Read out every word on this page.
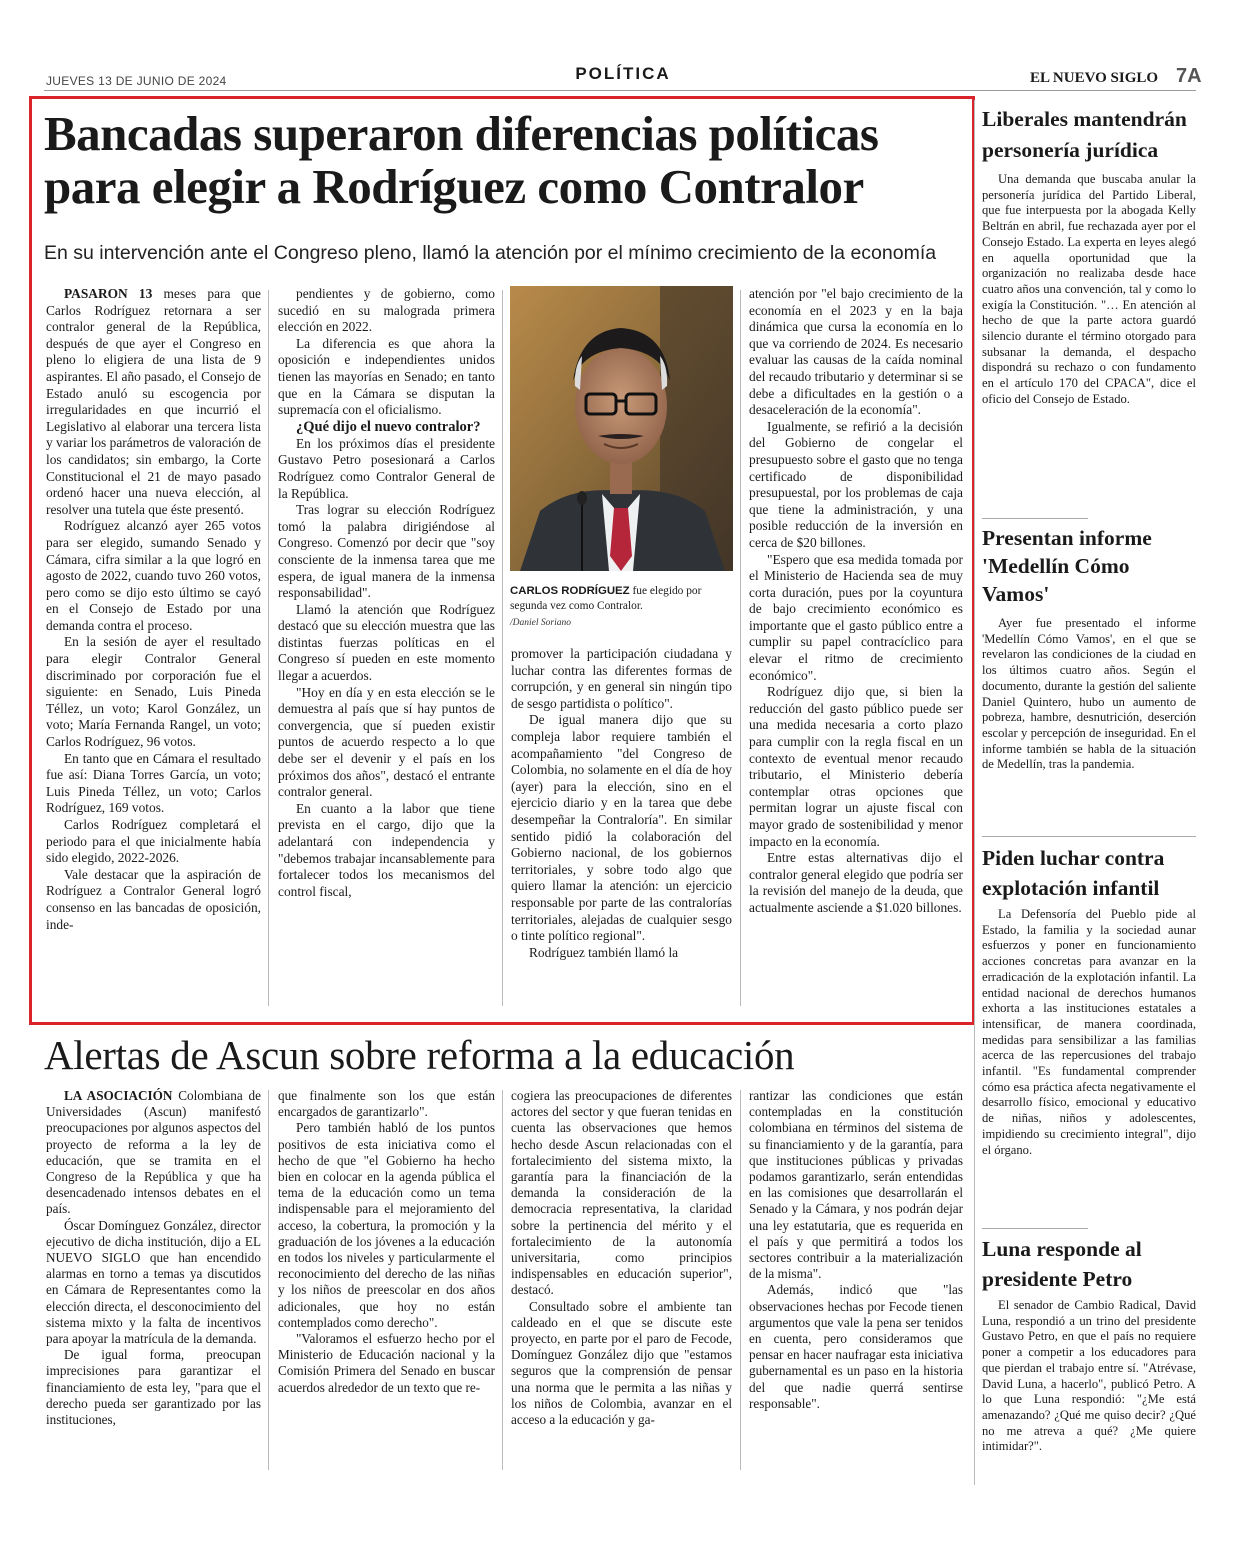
JUEVES 13 DE JUNIO DE 2024	POLÍTICA	EL NUEVO SIGLO 7A
Bancadas superaron diferencias políticas para elegir a Rodríguez como Contralor
En su intervención ante el Congreso pleno, llamó la atención por el mínimo crecimiento de la economía

PASARON 13 meses para que Carlos Rodríguez retornara a ser contralor general de la República, después de que ayer el Congreso en pleno lo eligiera de una lista de 9 aspirantes. El año pasado, el Consejo de Estado anuló su escogencia por irregularidades en que incurrió el Legislativo al elaborar una tercera lista y variar los parámetros de valoración de los candidatos; sin embargo, la Corte Constitucional el 21 de mayo pasado ordenó hacer una nueva elección, al resolver una tutela que éste presentó.

Rodríguez alcanzó ayer 265 votos para ser elegido, sumando Senado y Cámara, cifra similar a la que logró en agosto de 2022, cuando tuvo 260 votos, pero como se dijo esto último se cayó en el Consejo de Estado por una demanda contra el proceso.

En la sesión de ayer el resultado para elegir Contralor General discriminado por corporación fue el siguiente: en Senado, Luis Pineda Téllez, un voto; Karol González, un voto; María Fernanda Rangel, un voto; Carlos Rodríguez, 96 votos.

En tanto que en Cámara el resultado fue así: Diana Torres García, un voto; Luis Pineda Téllez, un voto; Carlos Rodríguez, 169 votos.

Carlos Rodríguez completará el periodo para el que inicialmente había sido elegido, 2022-2026.

Vale destacar que la aspiración de Rodríguez a Contralor General logró consenso en las bancadas de oposición, inde-

pendientes y de gobierno, como sucedió en su malograda primera elección en 2022.

La diferencia es que ahora la oposición e independientes unidos tienen las mayorías en Senado; en tanto que en la Cámara se disputan la supremacía con el oficialismo.

¿Qué dijo el nuevo contralor?

En los próximos días el presidente Gustavo Petro posesionará a Carlos Rodríguez como Contralor General de la República.

Tras lograr su elección Rodríguez tomó la palabra dirigiéndose al Congreso. Comenzó por decir que "soy consciente de la inmensa tarea que me espera, de igual manera de la inmensa responsabilidad".

Llamó la atención que Rodríguez destacó que su elección muestra que las distintas fuerzas políticas en el Congreso sí pueden en este momento llegar a acuerdos.

"Hoy en día y en esta elección se le demuestra al país que sí hay puntos de convergencia, que sí pueden existir puntos de acuerdo respecto a lo que debe ser el devenir y el país en los próximos dos años", destacó el entrante contralor general.

En cuanto a la labor que tiene prevista en el cargo, dijo que la adelantará con independencia y "debemos trabajar incansablemente para fortalecer todos los mecanismos del control fiscal,

CARLOS RODRÍGUEZ fue elegido por segunda vez como Contralor.
/Daniel Soriano

promover la participación ciudadana y luchar contra las diferentes formas de corrupción, y en general sin ningún tipo de sesgo partidista o político".

De igual manera dijo que su compleja labor requiere también el acompañamiento "del Congreso de Colombia, no solamente en el día de hoy (ayer) para la elección, sino en el ejercicio diario y en la tarea que debe desempeñar la Contraloría". En similar sentido pidió la colaboración del Gobierno nacional, de los gobiernos territoriales, y sobre todo algo que quiero llamar la atención: un ejercicio responsable por parte de las contralorías territoriales, alejadas de cualquier sesgo o tinte político regional".

Rodríguez también llamó la

atención por "el bajo crecimiento de la economía en el 2023 y en la baja dinámica que cursa la economía en lo que va corriendo de 2024. Es necesario evaluar las causas de la caída nominal del recaudo tributario y determinar si se debe a dificultades en la gestión o a desaceleración de la economía".

Igualmente, se refirió a la decisión del Gobierno de congelar el presupuesto sobre el gasto que no tenga certificado de disponibilidad presupuestal, por los problemas de caja que tiene la administración, y una posible reducción de la inversión en cerca de $20 billones.

"Espero que esa medida tomada por el Ministerio de Hacienda sea de muy corta duración, pues por la coyuntura de bajo crecimiento económico es importante que el gasto público entre a cumplir su papel contracíclico para elevar el ritmo de crecimiento económico".

Rodríguez dijo que, si bien la reducción del gasto público puede ser una medida necesaria a corto plazo para cumplir con la regla fiscal en un contexto de eventual menor recaudo tributario, el Ministerio debería contemplar otras opciones que permitan lograr un ajuste fiscal con mayor grado de sostenibilidad y menor impacto en la economía.

Entre estas alternativas dijo el contralor general elegido que podría ser la revisión del manejo de la deuda, que actualmente asciende a $1.020 billones.

Alertas de Ascun sobre reforma a la educación

LA ASOCIACIÓN Colombiana de Universidades (Ascun) manifestó preocupaciones por algunos aspectos del proyecto de reforma a la ley de educación, que se tramita en el Congreso de la República y que ha desencadenado intensos debates en el país.

Óscar Domínguez González, director ejecutivo de dicha institución, dijo a EL NUEVO SIGLO que han encendido alarmas en torno a temas ya discutidos en Cámara de Representantes como la elección directa, el desconocimiento del sistema mixto y la falta de incentivos para apoyar la matrícula de la demanda.

De igual forma, preocupan imprecisiones para garantizar el financiamiento de esta ley, "para que el derecho pueda ser garantizado por las instituciones,

que finalmente son los que están encargados de garantizarlo".

Pero también habló de los puntos positivos de esta iniciativa como el hecho de que "el Gobierno ha hecho bien en colocar en la agenda pública el tema de la educación como un tema indispensable para el mejoramiento del acceso, la cobertura, la promoción y la graduación de los jóvenes a la educación en todos los niveles y particularmente el reconocimiento del derecho de las niñas y los niños de preescolar en dos años adicionales, que hoy no están contemplados como derecho".

"Valoramos el esfuerzo hecho por el Ministerio de Educación nacional y la Comisión Primera del Senado en buscar acuerdos alrededor de un texto que re-

cogiera las preocupaciones de diferentes actores del sector y que fueran tenidas en cuenta las observaciones que hemos hecho desde Ascun relacionadas con el fortalecimiento del sistema mixto, la garantía para la financiación de la demanda la consideración de la democracia representativa, la claridad sobre la pertinencia del mérito y el fortalecimiento de la autonomía universitaria, como principios indispensables en educación superior", destacó.

Consultado sobre el ambiente tan caldeado en el que se discute este proyecto, en parte por el paro de Fecode, Domínguez González dijo que "estamos seguros que la comprensión de pensar una norma que le permita a las niñas y los niños de Colombia, avanzar en el acceso a la educación y ga-

rantizar las condiciones que están contempladas en la constitución colombiana en términos del sistema de su financiamiento y de la garantía, para que instituciones públicas y privadas podamos garantizarlo, serán entendidas en las comisiones que desarrollarán el Senado y la Cámara, y nos podrán dejar una ley estatutaria, que es requerida en el país y que permitirá a todos los sectores contribuir a la materialización de la misma".

Además, indicó que "las observaciones hechas por Fecode tienen argumentos que vale la pena ser tenidos en cuenta, pero consideramos que pensar en hacer naufragar esta iniciativa gubernamental es un paso en la historia del que nadie querrá sentirse responsable".

Liberales mantendrán personería jurídica

Una demanda que buscaba anular la personería jurídica del Partido Liberal, que fue interpuesta por la abogada Kelly Beltrán en abril, fue rechazada ayer por el Consejo Estado. La experta en leyes alegó en aquella oportunidad que la organización no realizaba desde hace cuatro años una convención, tal y como lo exigía la Constitución. "… En atención al hecho de que la parte actora guardó silencio durante el término otorgado para subsanar la demanda, el despacho dispondrá su rechazo o con fundamento en el artículo 170 del CPACA", dice el oficio del Consejo de Estado.

Presentan informe 'Medellín Cómo Vamos'

Ayer fue presentado el informe 'Medellín Cómo Vamos', en el que se revelaron las condiciones de la ciudad en los últimos cuatro años. Según el documento, durante la gestión del saliente Daniel Quintero, hubo un aumento de pobreza, hambre, desnutrición, deserción escolar y percepción de inseguridad. En el informe también se habla de la situación de Medellín, tras la pandemia.

Piden luchar contra explotación infantil

La Defensoría del Pueblo pide al Estado, la familia y la sociedad aunar esfuerzos y poner en funcionamiento acciones concretas para avanzar en la erradicación de la explotación infantil. La entidad nacional de derechos humanos exhorta a las instituciones estatales a intensificar, de manera coordinada, medidas para sensibilizar a las familias acerca de las repercusiones del trabajo infantil. "Es fundamental comprender cómo esa práctica afecta negativamente el desarrollo físico, emocional y educativo de niñas, niños y adolescentes, impidiendo su crecimiento integral", dijo el órgano.

Luna responde al presidente Petro

El senador de Cambio Radical, David Luna, respondió a un trino del presidente Gustavo Petro, en que el país no requiere poner a competir a los educadores para que pierdan el trabajo entre sí. "Atrévase, David Luna, a hacerlo", publicó Petro. A lo que Luna respondió: "¿Me está amenazando? ¿Qué me quiso decir? ¿Qué no me atreva a qué? ¿Me quiere intimidar?".
